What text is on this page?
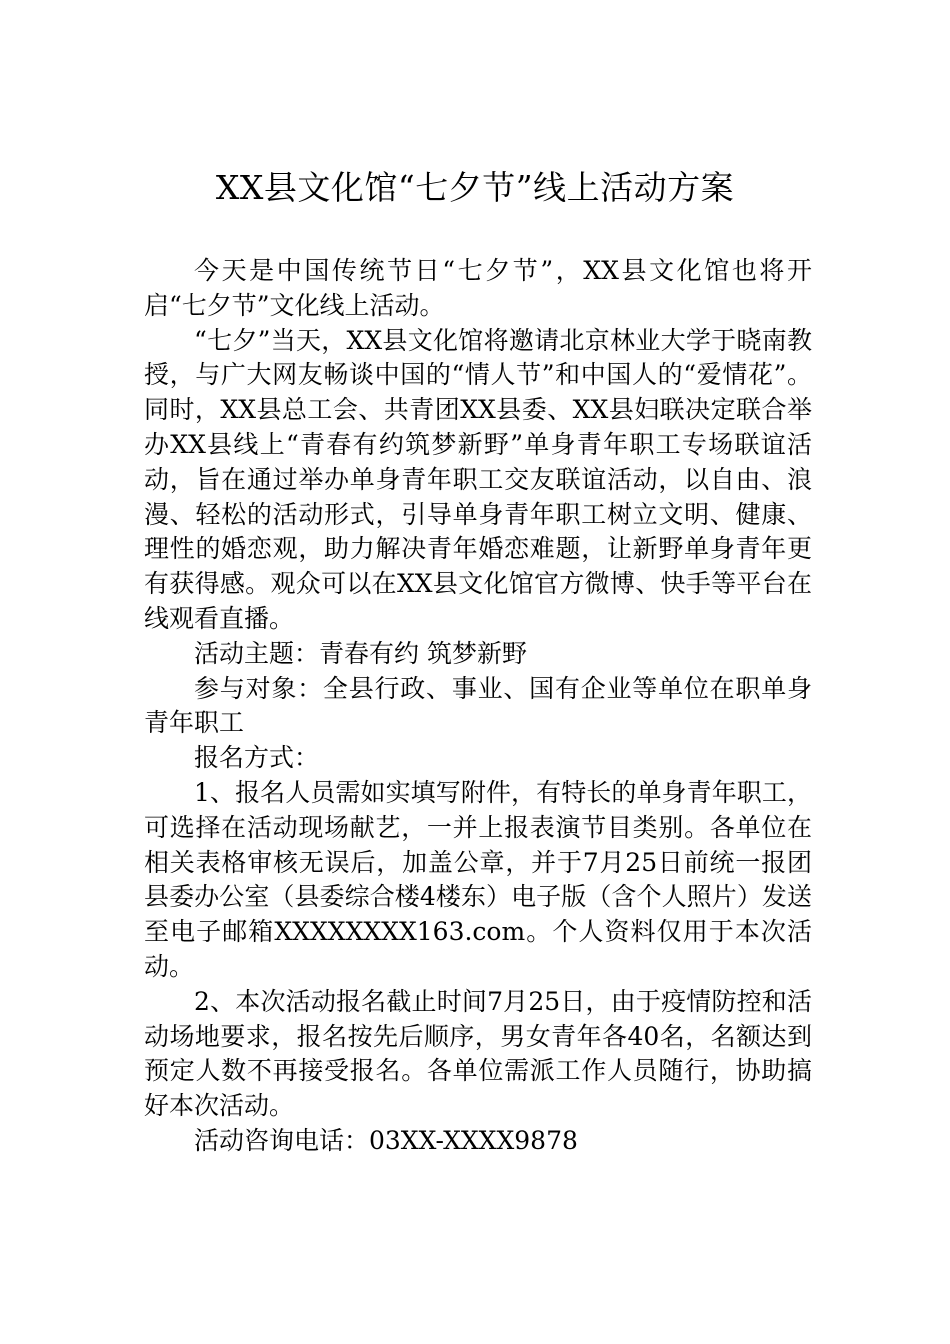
XX县文化馆“七夕节”线上活动方案

今天是中国传统节日“七夕节”，XX县文化馆也将开启“七夕节”文化线上活动。

“七夕”当天，XX县文化馆将邀请北京林业大学于晓南教授，与广大网友畅谈中国的“情人节”和中国人的“爱情花”。同时，XX县总工会、共青团XX县委、XX县妇联决定联合举办XX县线上“青春有约筑梦新野”单身青年职工专场联谊活动，旨在通过举办单身青年职工交友联谊活动，以自由、浪漫、轻松的活动形式，引导单身青年职工树立文明、健康、理性的婚恋观，助力解决青年婚恋难题，让新野单身青年更有获得感。观众可以在XX县文化馆官方微博、快手等平台在线观看直播。

活动主题：青春有约 筑梦新野

参与对象：全县行政、事业、国有企业等单位在职单身青年职工

报名方式：

1、报名人员需如实填写附件，有特长的单身青年职工，可选择在活动现场献艺，一并上报表演节目类别。各单位在相关表格审核无误后，加盖公章，并于7月25日前统一报团县委办公室（县委综合楼4楼东）电子版（含个人照片）发送至电子邮箱XXXXXXXX163.com。个人资料仅用于本次活动。

2、本次活动报名截止时间7月25日，由于疫情防控和活动场地要求，报名按先后顺序，男女青年各40名，名额达到预定人数不再接受报名。各单位需派工作人员随行，协助搞好本次活动。

活动咨询电话：03XX-XXXX9878
